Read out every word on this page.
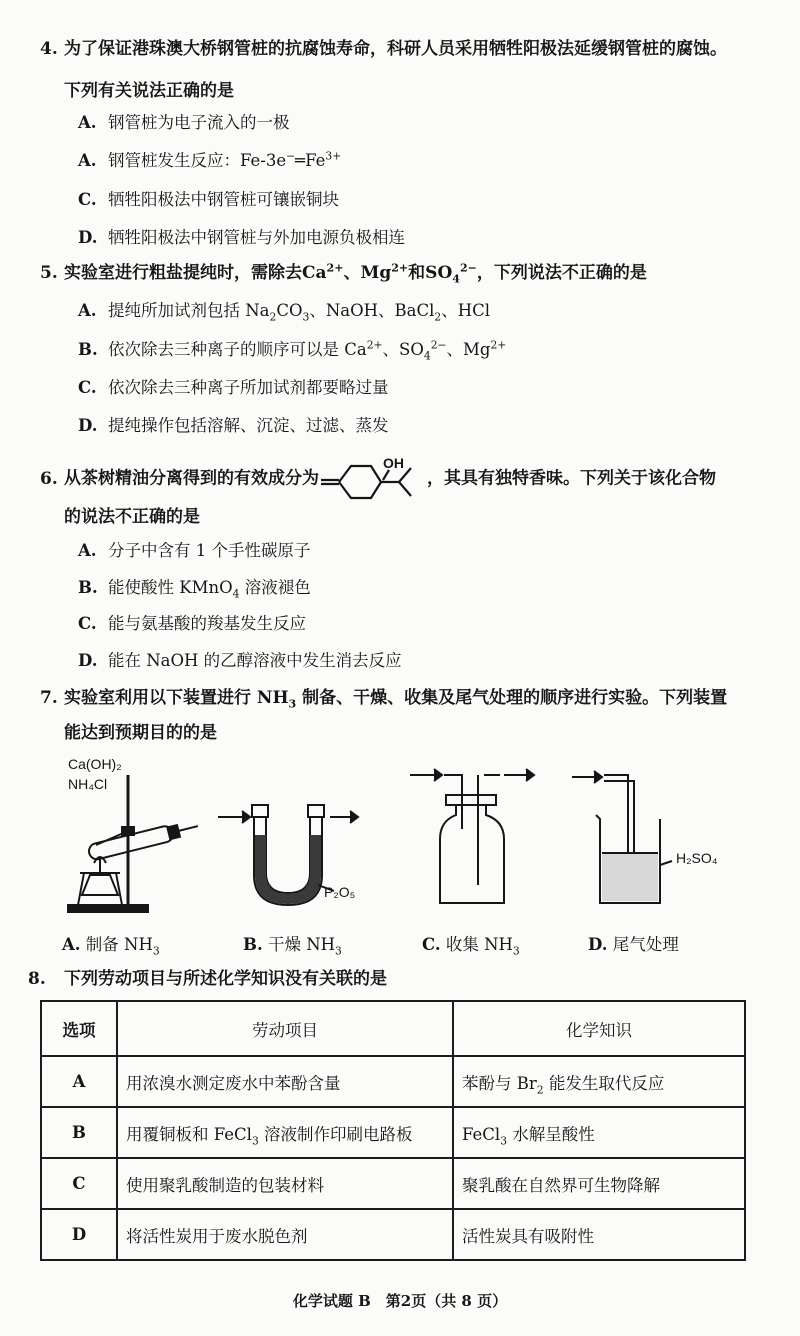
4. 为了保证港珠澳大桥钢管桩的抗腐蚀寿命，科研人员采用牺牲阳极法延缓钢管桩的腐蚀。
下列有关说法正确的是
A. 钢管桩为电子流入的一极
A. 钢管桩发生反应：$Fe-3e^-═Fe^{3+}$
C. 牺牲阳极法中钢管桩可镶嵌铜块
D. 牺牲阳极法中钢管桩与外加电源负极相连
5. 实验室进行粗盐提纯时，需除去$Ca^{2+}$、$Mg^{2+}$和$SO_4^{2-}$，下列说法不正确的是
A. 提纯所加试剂包括 $Na_2CO_3$、NaOH、BaCl$_2$、HCl
B. 依次除去三种离子的顺序可以是 $Ca^{2+}$、$SO_4^{2-}$、$Mg^{2+}$
C. 依次除去三种离子所加试剂都要略过量
D. 提纯操作包括溶解、沉淀、过滤、蒸发
6. 从茶树精油分离得到的有效成分为
OH
，其具有独特香味。下列关于该化合物
的说法不正确的是
A. 分子中含有 1 个手性碳原子
B. 能使酸性 KMnO$_4$ 溶液褪色
C. 能与氨基酸的羧基发生反应
D. 能在 NaOH 的乙醇溶液中发生消去反应
7. 实验室利用以下装置进行 $NH_3$ 制备、干燥、收集及尾气处理的顺序进行实验。下列装置
能达到预期目的的是
Ca(OH)₂
NH₄Cl
P₂O₅
H₂SO₄
A. 制备 $NH_3$	B. 干燥 $NH_3$	C. 收集 $NH_3$	D. 尾气处理
8. 下列劳动项目与所述化学知识没有关联的是
选项	劳动项目	化学知识
A	用浓溴水测定废水中苯酚含量	苯酚与 $Br_2$ 能发生取代反应
B	用覆铜板和 FeCl$_3$ 溶液制作印刷电路板	FeCl$_3$ 水解呈酸性
C	使用聚乳酸制造的包装材料	聚乳酸在自然界可生物降解
D	将活性炭用于废水脱色剂	活性炭具有吸附性
化学试题 B　第2页（共 8 页）
